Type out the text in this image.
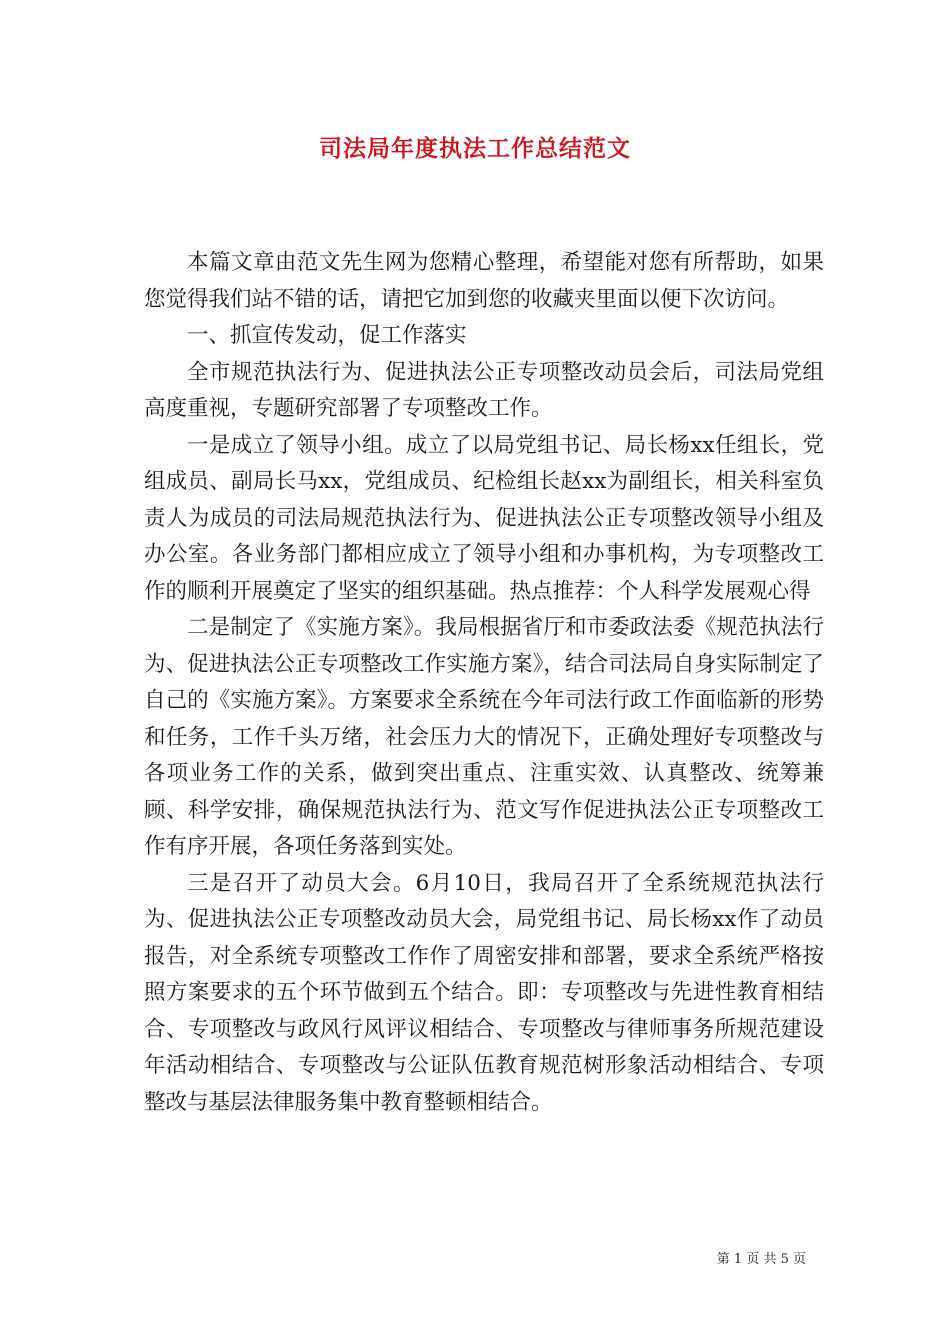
司法局年度执法工作总结范文

本篇文章由范文先生网为您精心整理，希望能对您有所帮助，如果您觉得我们站不错的话，请把它加到您的收藏夹里面以便下次访问。

一、抓宣传发动，促工作落实

全市规范执法行为、促进执法公正专项整改动员会后，司法局党组高度重视，专题研究部署了专项整改工作。

一是成立了领导小组。成立了以局党组书记、局长杨xx任组长，党组成员、副局长马xx，党组成员、纪检组长赵xx为副组长，相关科室负责人为成员的司法局规范执法行为、促进执法公正专项整改领导小组及办公室。各业务部门都相应成立了领导小组和办事机构，为专项整改工作的顺利开展奠定了坚实的组织基础。热点推荐：个人科学发展观心得

二是制定了《实施方案》。我局根据省厅和市委政法委《规范执法行为、促进执法公正专项整改工作实施方案》，结合司法局自身实际制定了自己的《实施方案》。方案要求全系统在今年司法行政工作面临新的形势和任务，工作千头万绪，社会压力大的情况下，正确处理好专项整改与各项业务工作的关系，做到突出重点、注重实效、认真整改、统筹兼顾、科学安排，确保规范执法行为、范文写作促进执法公正专项整改工作有序开展，各项任务落到实处。

三是召开了动员大会。6月10日，我局召开了全系统规范执法行为、促进执法公正专项整改动员大会，局党组书记、局长杨xx作了动员报告，对全系统专项整改工作作了周密安排和部署，要求全系统严格按照方案要求的五个环节做到五个结合。即：专项整改与先进性教育相结合、专项整改与政风行风评议相结合、专项整改与律师事务所规范建设年活动相结合、专项整改与公证队伍教育规范树形象活动相结合、专项整改与基层法律服务集中教育整顿相结合。

第 1 页 共 5 页
